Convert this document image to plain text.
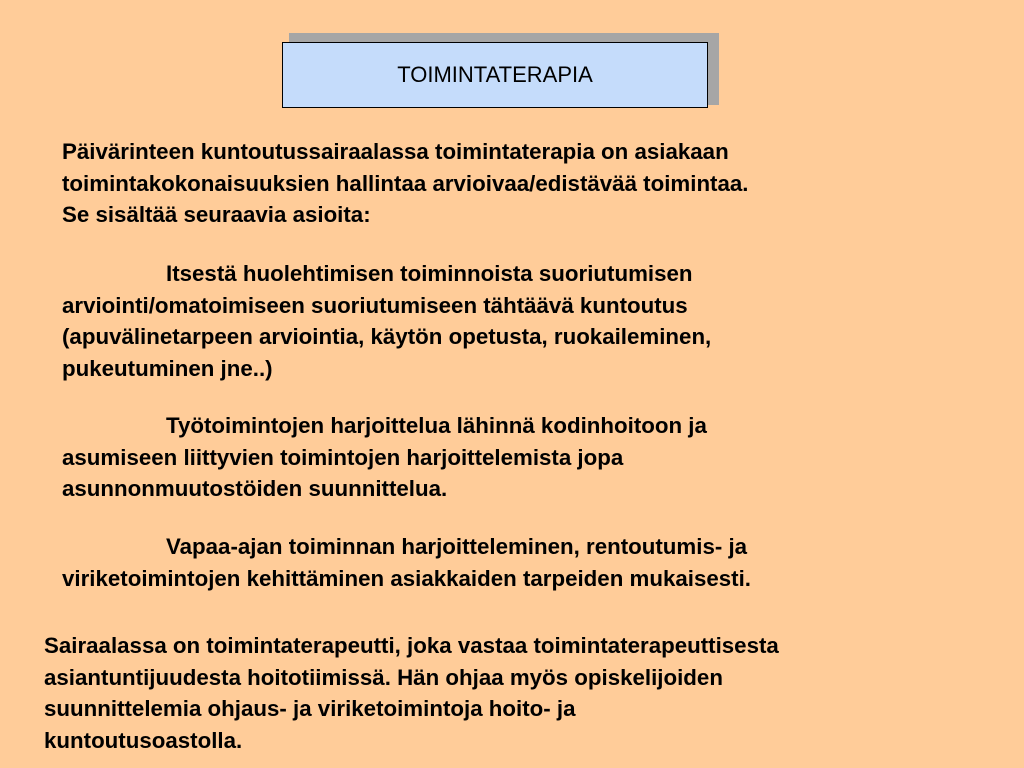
TOIMINTATERAPIA
Päivärinteen kuntoutussairaalassa toimintaterapia on asiakaan
toimintakokonaisuuksien hallintaa arvioivaa/edistävää toimintaa.
Se sisältää seuraavia asioita:
Itsestä huolehtimisen toiminnoista suoriutumisen
arviointi/omatoimiseen suoriutumiseen tähtäävä kuntoutus
(apuvälinetarpeen arviointia, käytön opetusta, ruokaileminen,
pukeutuminen jne..)
Työtoimintojen harjoittelua lähinnä kodinhoitoon ja
asumiseen liittyvien toimintojen harjoittelemista jopa
asunnonmuutostöiden suunnittelua.
Vapaa-ajan toiminnan harjoitteleminen, rentoutumis- ja
viriketoimintojen kehittäminen asiakkaiden tarpeiden mukaisesti.
Sairaalassa on toimintaterapeutti, joka vastaa toimintaterapeuttisesta
asiantuntijuudesta hoitotiimissä. Hän ohjaa myös opiskelijoiden
suunnittelemia ohjaus- ja viriketoimintoja hoito- ja
kuntoutusoastolla.
